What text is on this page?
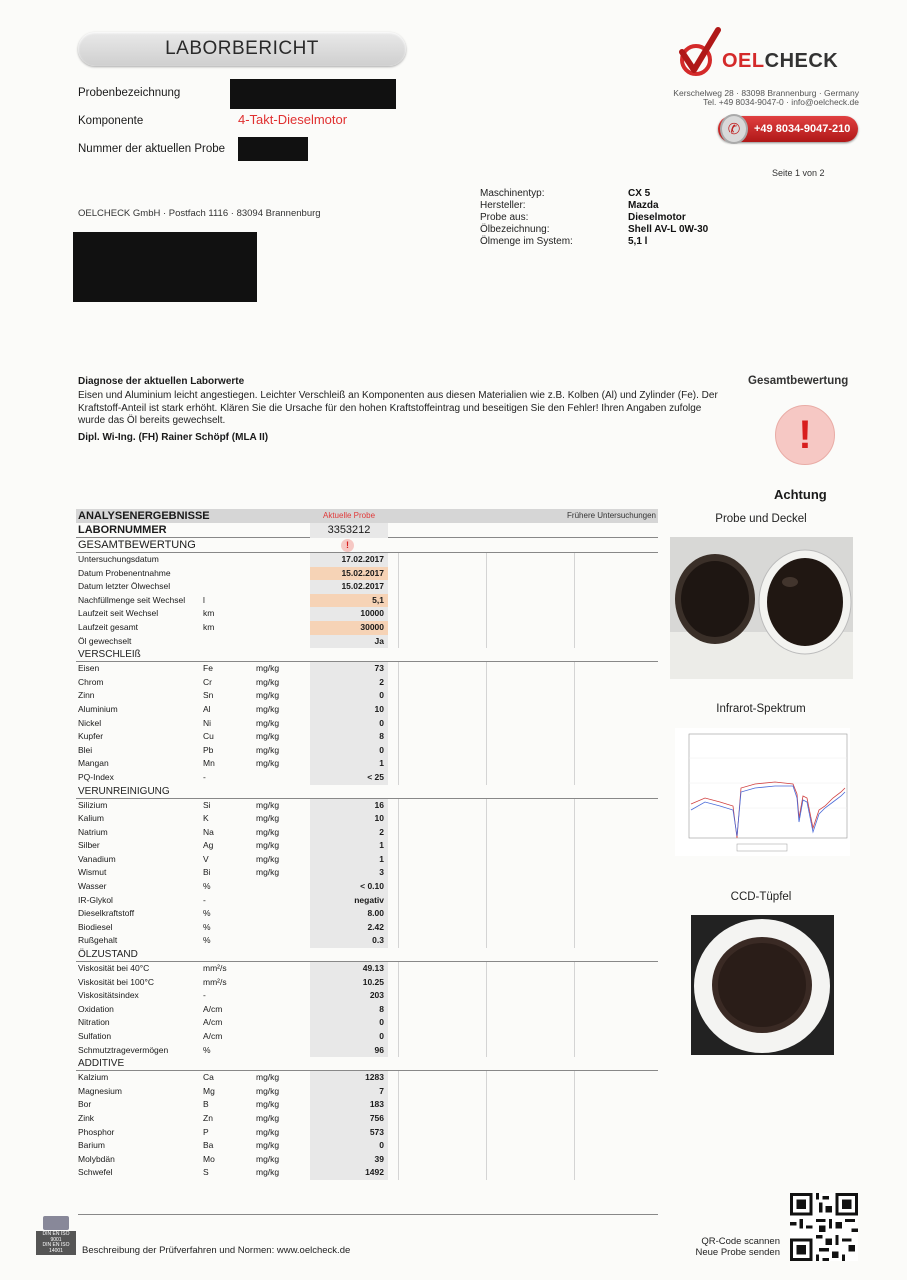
LABORBERICHT
Probenbezeichnung
Komponente	4-Takt-Dieselmotor
Nummer der aktuellen Probe
OELCHECK
Kerschelweg 28 · 83098 Brannenburg · Germany
Tel. +49 8034-9047-0 · info@oelcheck.de
+49 8034-9047-210
✆
Seite 1 von 2
Maschinentyp:	CX 5
Hersteller:	Mazda
Probe aus:	Dieselmotor
Ölbezeichnung:	Shell AV-L 0W-30
Ölmenge im System:	5,1 l
OELCHECK GmbH · Postfach 1116 · 83094 Brannenburg
Diagnose der aktuellen Laborwerte
Eisen und Aluminium leicht angestiegen. Leichter Verschleiß an Komponenten aus diesen Materialien wie z.B. Kolben (Al) und Zylinder (Fe). Der Kraftstoff-Anteil ist stark erhöht. Klären Sie die Ursache für den hohen Kraftstoffeintrag und beseitigen Sie den Fehler! Ihren Angaben zufolge wurde das Öl bereits gewechselt.
Dipl. Wi-Ing. (FH) Rainer Schöpf (MLA II)
Gesamtbewertung
!
Achtung
ANALYSENERGEBNISSE	Aktuelle Probe	Frühere Untersuchungen
LABORNUMMER	3353212
GESAMTBEWERTUNG	!
Untersuchungsdatum	17.02.2017
Datum Probenentnahme	15.02.2017
Datum letzter Ölwechsel	15.02.2017
Nachfüllmenge seit Wechsel l	5,1
Laufzeit seit Wechsel	km	10000
Laufzeit gesamt	km	30000
Öl gewechselt	Ja
VERSCHLEIß
Eisen	Fe	mg/kg	73
Chrom	Cr	mg/kg	2
Zinn	Sn	mg/kg	0
Aluminium	Al	mg/kg	10
Nickel	Ni	mg/kg	0
Kupfer	Cu	mg/kg	8
Blei	Pb	mg/kg	0
Mangan	Mn	mg/kg	1
PQ-Index	-	< 25
VERUNREINIGUNG
Silizium	Si	mg/kg	16
Kalium	K	mg/kg	10
Natrium	Na	mg/kg	2
Silber	Ag	mg/kg	1
Vanadium	V	mg/kg	1
Wismut	Bi	mg/kg	3
Wasser	%	< 0.10
IR-Glykol	-	negativ
Dieselkraftstoff	%	8.00
Biodiesel	%	2.42
Rußgehalt	%	0.3
ÖLZUSTAND
Viskosität bei 40°C	mm²/s	49.13
Viskosität bei 100°C	mm²/s	10.25
Viskositätsindex	-	203
Oxidation	A/cm	8
Nitration	A/cm	0
Sulfation	A/cm	0
Schmutztragevermögen	%	96
ADDITIVE
Kalzium	Ca	mg/kg	1283
Magnesium	Mg	mg/kg	7
Bor	B	mg/kg	183
Zink	Zn	mg/kg	756
Phosphor	P	mg/kg	573
Barium	Ba	mg/kg	0
Molybdän	Mo	mg/kg	39
Schwefel	S	mg/kg	1492
Probe und Deckel
Infrarot-Spektrum
CCD-Tüpfel
DIN EN ISO
9001
DIN EN ISO
14001	Beschreibung der Prüfverfahren und Normen: www.oelcheck.de
QR-Code scannen
Neue Probe senden
